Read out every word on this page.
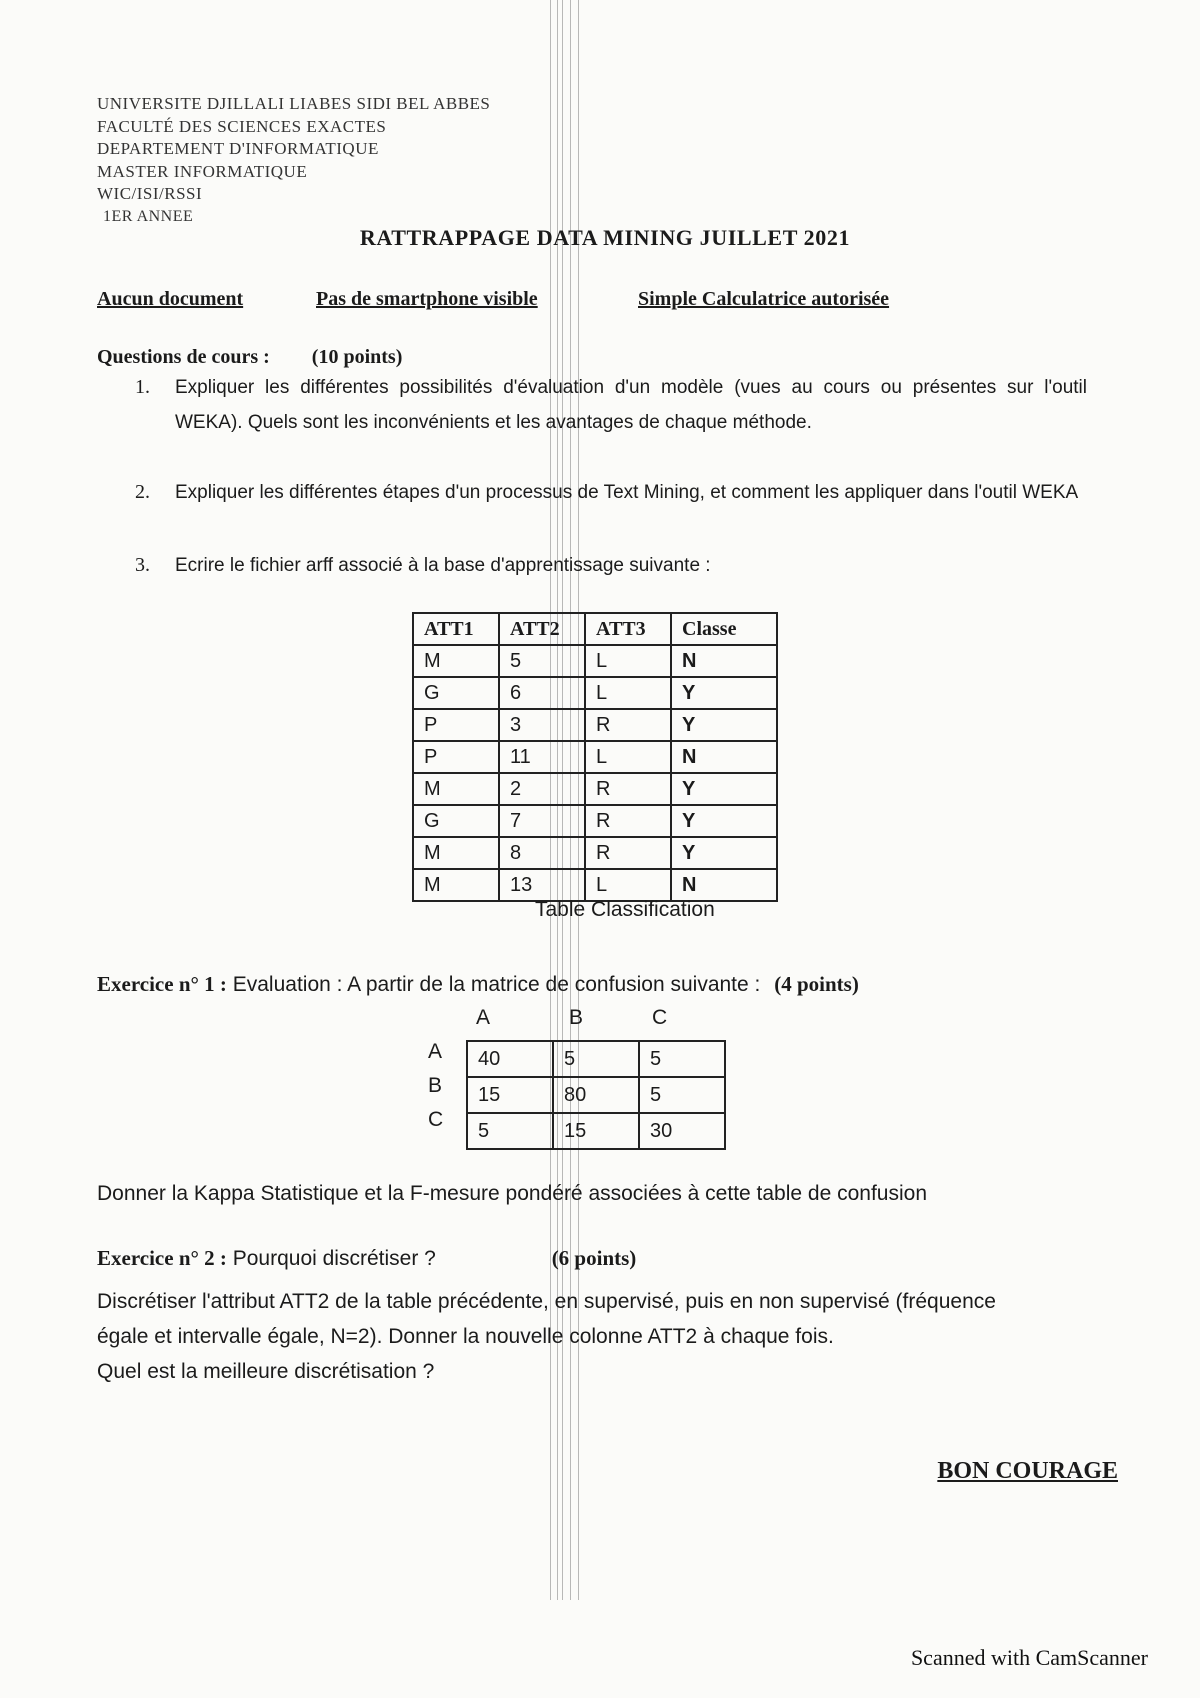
UNIVERSITE DJILLALI LIABES SIDI BEL ABBES
FACULTÉ DES SCIENCES EXACTES
DEPARTEMENT D'INFORMATIQUE
MASTER INFORMATIQUE
WIC/ISI/RSSI
1ER ANNEE
RATTRAPPAGE DATA MINING JUILLET 2021
Aucun document	Pas de smartphone visible	Simple Calculatrice autorisée
Questions de cours : (10 points)
1. Expliquer les différentes possibilités d'évaluation d'un modèle (vues au cours ou présentes sur l'outil WEKA). Quels sont les inconvénients et les avantages de chaque méthode.
2. Expliquer les différentes étapes d'un processus de Text Mining, et comment les appliquer dans l'outil WEKA
3. Ecrire le fichier arff associé à la base d'apprentissage suivante :
ATT1	ATT2	ATT3	Classe
M	5	L	N
G	6	L	Y
P	3	R	Y
P	11	L	N
M	2	R	Y
G	7	R	Y
M	8	R	Y
M	13	L	N
Table Classification
Exercice n° 1 : Evaluation : A partir de la matrice de confusion suivante : (4 points)
A	B	C
A
B
C
40	5	5
15	80	5
5	15	30
Donner la Kappa Statistique et la F-mesure pondéré associées à cette table de confusion
Exercice n° 2 : Pourquoi discrétiser ?	(6 points)
Discrétiser l'attribut ATT2 de la table précédente, en supervisé, puis en non supervisé (fréquence
égale et intervalle égale, N=2). Donner la nouvelle colonne ATT2 à chaque fois.
Quel est la meilleure discrétisation ?
BON COURAGE
Scanned with CamScanner
